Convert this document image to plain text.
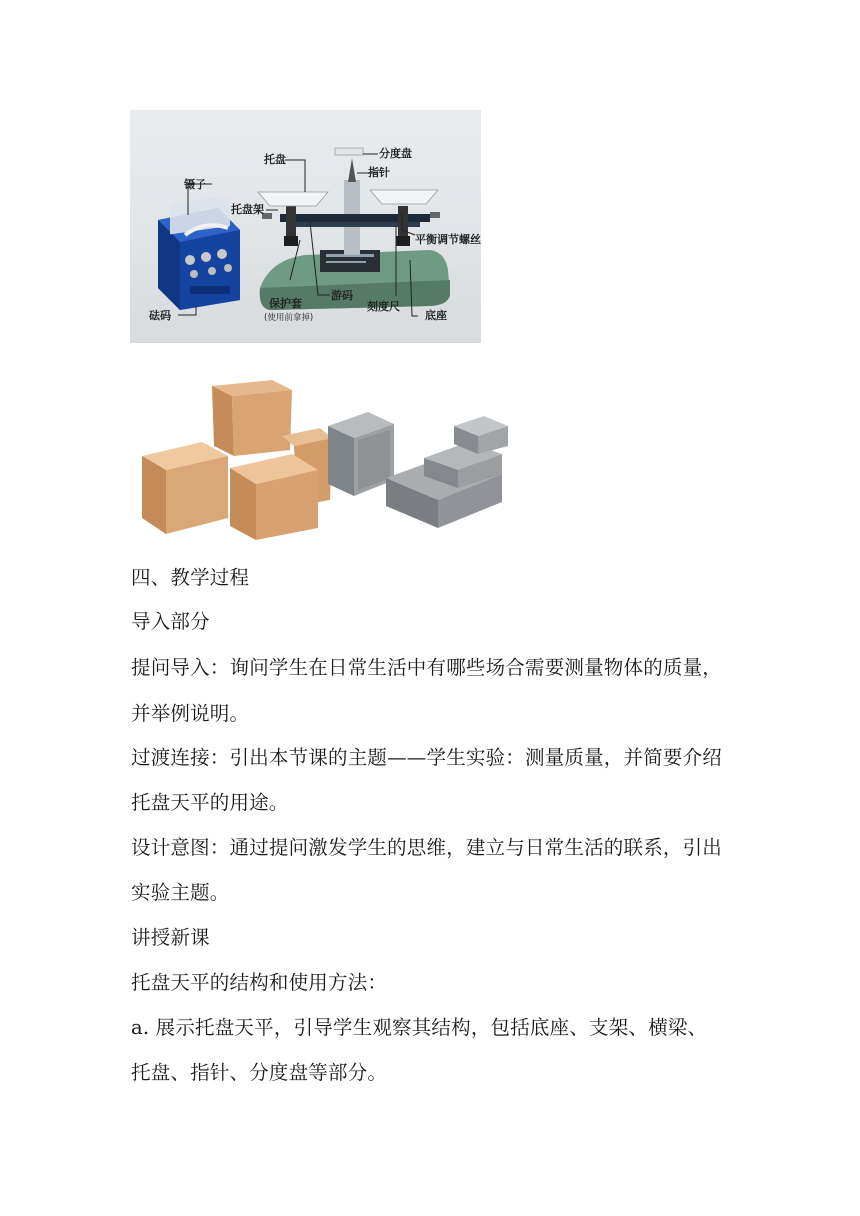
托盘	分度盘
指针
镊子
托盘架
平衡调节螺丝
保护套
(使用前拿掉)
游码
刻度尺
底座
砝码
四、教学过程
导入部分
提问导入：询问学生在日常生活中有哪些场合需要测量物体的质量，
并举例说明。
过渡连接：引出本节课的主题——学生实验：测量质量，并简要介绍
托盘天平的用途。
设计意图：通过提问激发学生的思维，建立与日常生活的联系，引出
实验主题。
讲授新课
托盘天平的结构和使用方法：
a. 展示托盘天平，引导学生观察其结构，包括底座、支架、横梁、
托盘、指针、分度盘等部分。
